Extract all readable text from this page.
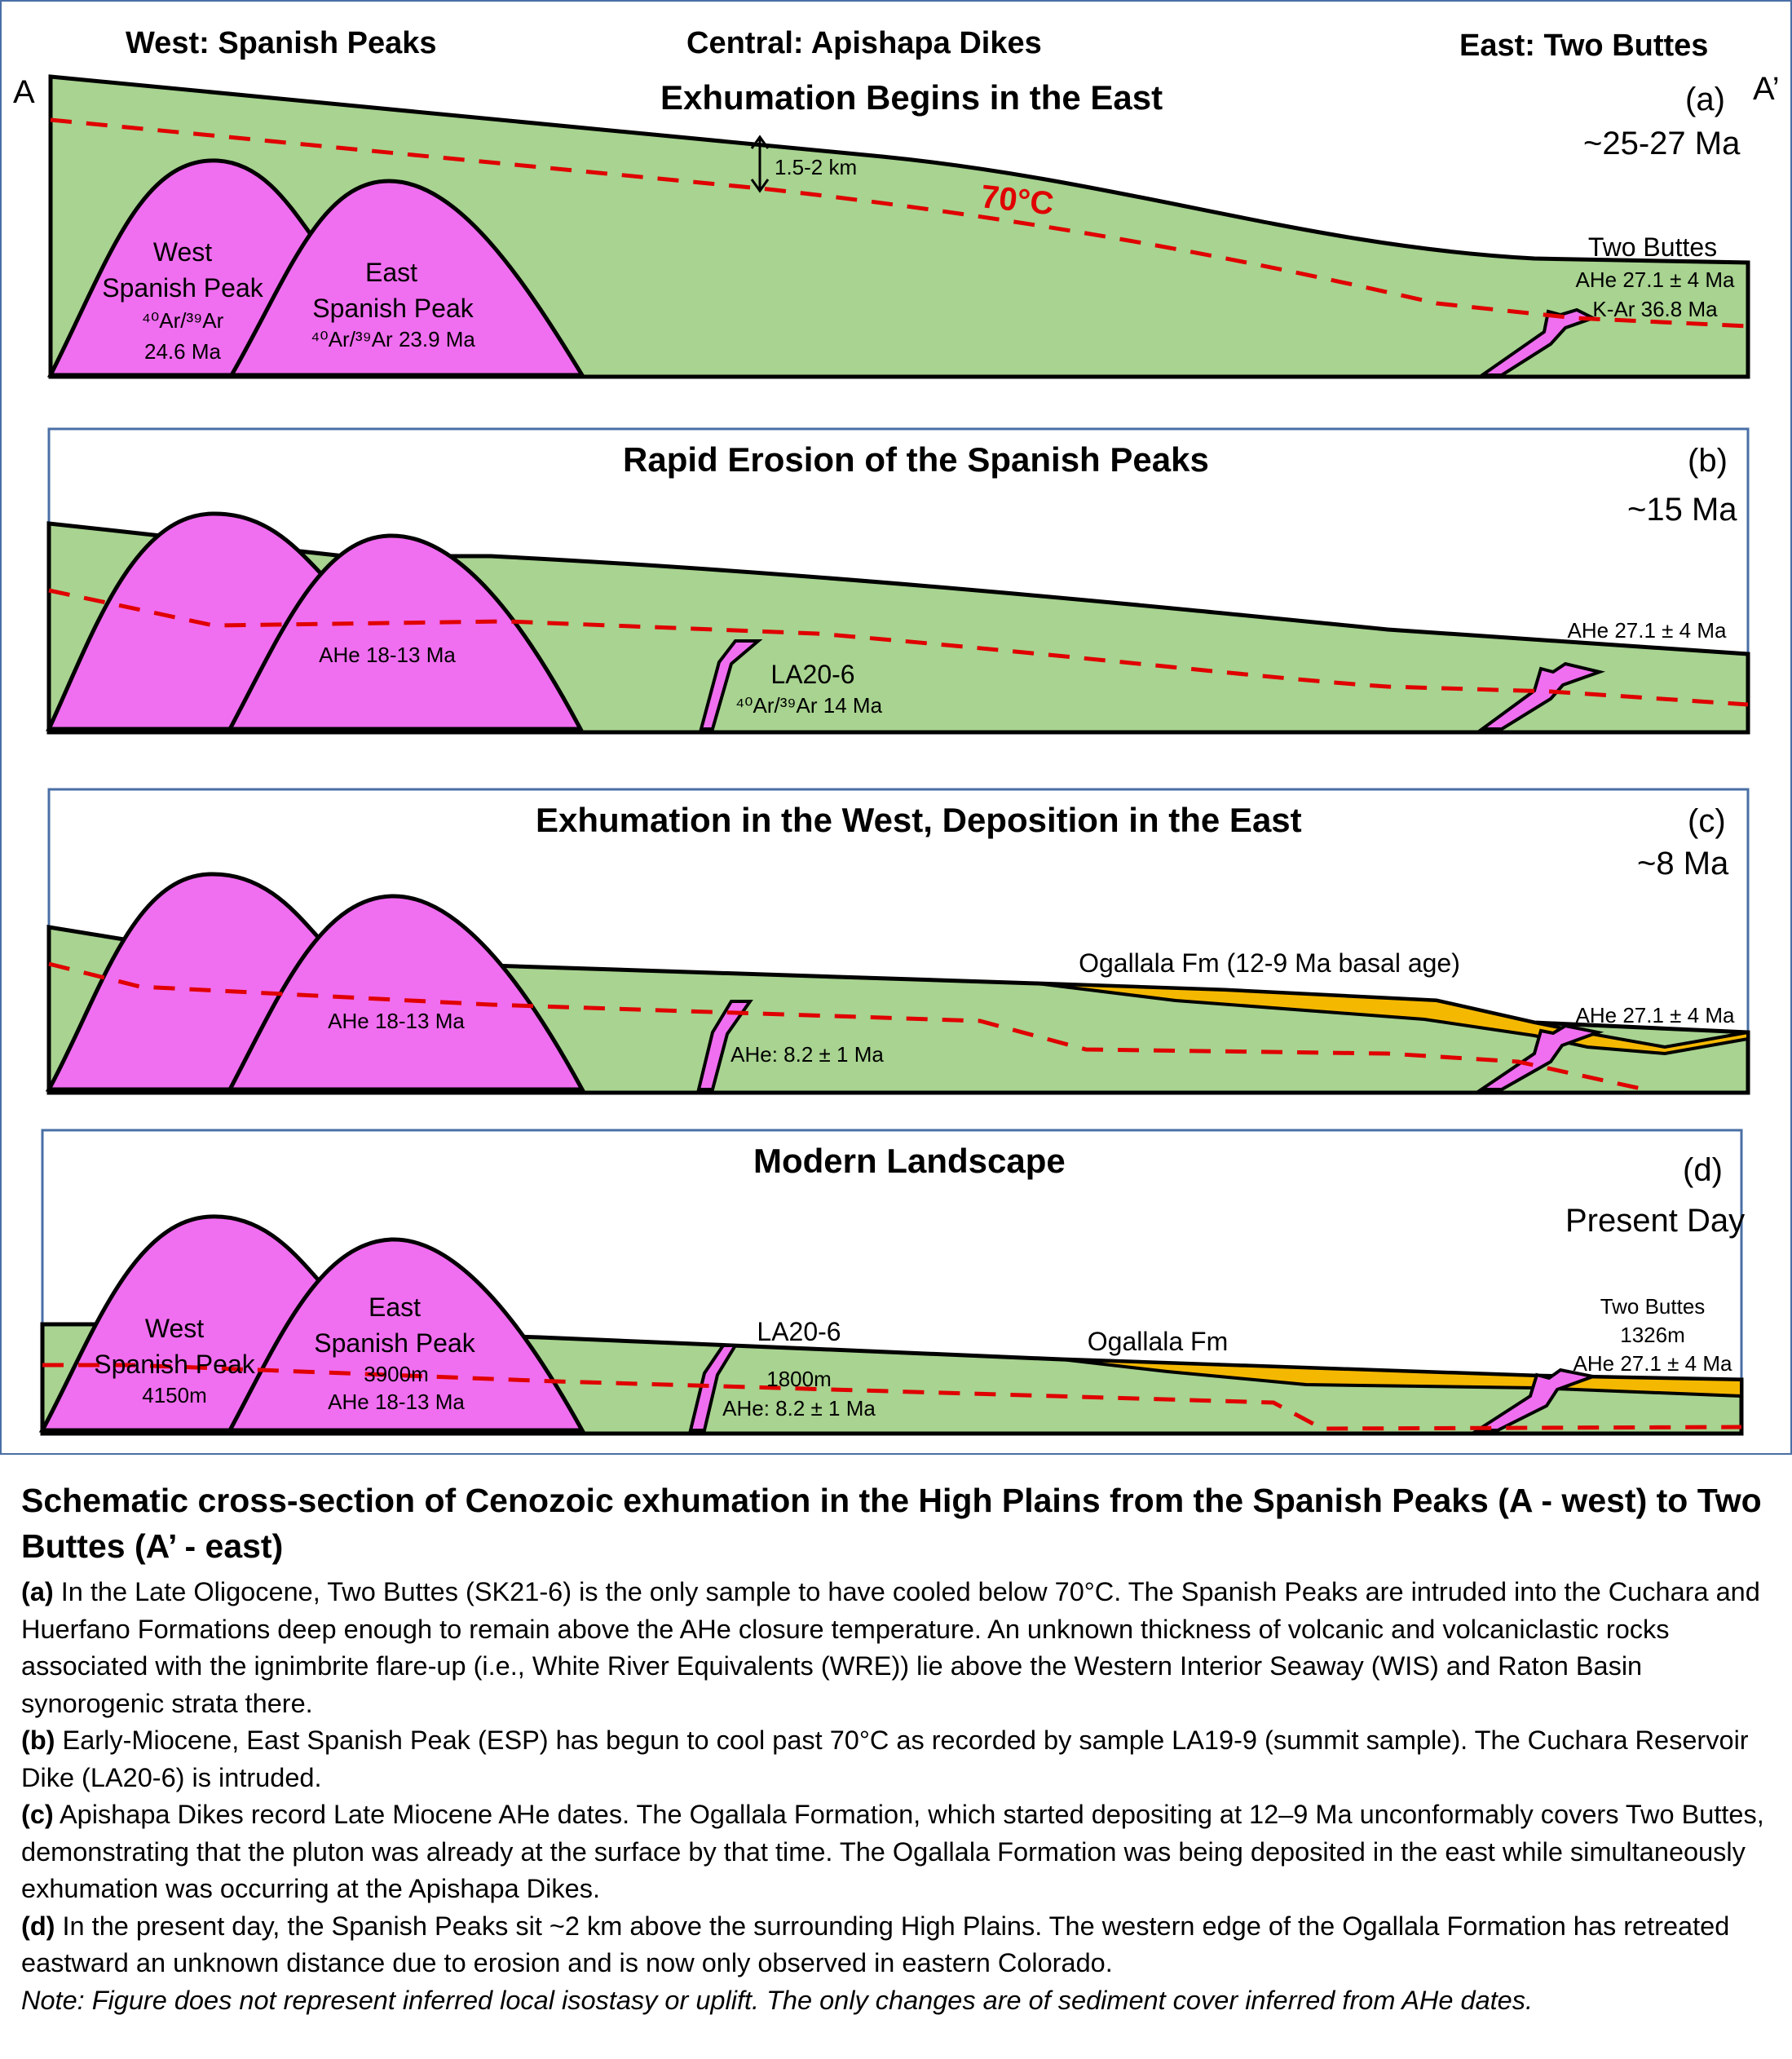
West: Spanish Peaks	Central: Apishapa Dikes	East: Two Buttes
A	A’
1.5-2 km
70°C
Exhumation Begins in the East	(a)
~25-27 Ma
West
Spanish Peak
⁴⁰Ar/³⁹Ar
24.6 Ma
East
Spanish Peak
⁴⁰Ar/³⁹Ar 23.9 Ma
Two Buttes
AHe 27.1 ± 4 Ma
K-Ar 36.8 Ma
Rapid Erosion of the Spanish Peaks	(b)
~15 Ma
AHe 18-13 Ma
LA20-6
⁴⁰Ar/³⁹Ar 14 Ma
AHe 27.1 ± 4 Ma
Exhumation in the West, Deposition in the East	(c)
~8 Ma
AHe 18-13 Ma
AHe: 8.2 ± 1 Ma
Ogallala Fm (12-9 Ma basal age)
AHe 27.1 ± 4 Ma
Modern Landscape	(d)
Present Day
West
Spanish Peak
4150m
East
Spanish Peak
3900m
AHe 18-13 Ma
LA20-6
1800m
AHe: 8.2 ± 1 Ma
Ogallala Fm
Two Buttes
1326m
AHe 27.1 ± 4 Ma
Schematic cross-section of Cenozoic exhumation in the High Plains from the Spanish Peaks (A - west) to Two Buttes (A’ - east)

(a) In the Late Oligocene, Two Buttes (SK21-6) is the only sample to have cooled below 70°C. The Spanish Peaks are intruded into the Cuchara and Huerfano Formations deep enough to remain above the AHe closure temperature. An unknown thickness of volcanic and volcaniclastic rocks associated with the ignimbrite flare-up (i.e., White River Equivalents (WRE)) lie above the Western Interior Seaway (WIS) and Raton Basin synorogenic strata there.

(b) Early-Miocene, East Spanish Peak (ESP) has begun to cool past 70°C as recorded by sample LA19-9 (summit sample). The Cuchara Reservoir Dike (LA20-6) is intruded.

(c) Apishapa Dikes record Late Miocene AHe dates. The Ogallala Formation, which started depositing at 12–9 Ma unconformably covers Two Buttes, demonstrating that the pluton was already at the surface by that time. The Ogallala Formation was being deposited in the east while simultaneously exhumation was occurring at the Apishapa Dikes.

(d) In the present day, the Spanish Peaks sit ~2 km above the surrounding High Plains. The western edge of the Ogallala Formation has retreated eastward an unknown distance due to erosion and is now only observed in eastern Colorado.

Note: Figure does not represent inferred local isostasy or uplift. The only changes are of sediment cover inferred from AHe dates.
